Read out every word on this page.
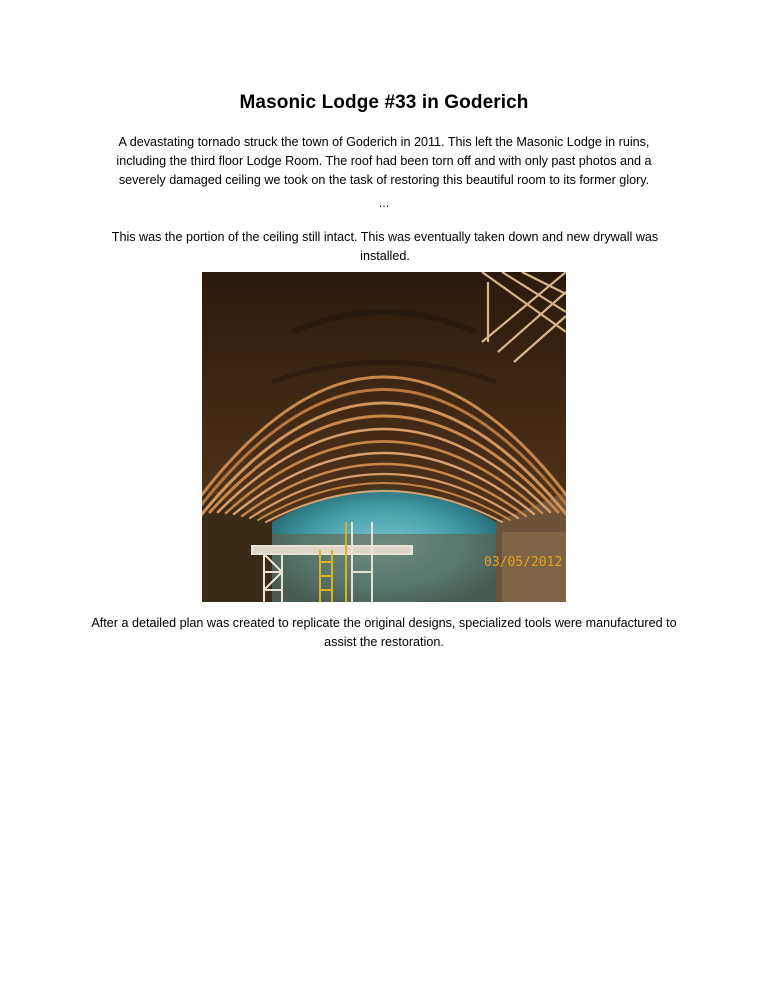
Masonic Lodge #33 in Goderich
A devastating tornado struck the town of Goderich in 2011. This left the Masonic Lodge in ruins, including the third floor Lodge Room. The roof had been torn off and with only past photos and a severely damaged ceiling we took on the task of restoring this beautiful room to its former glory.
…
This was the portion of the ceiling still intact. This was eventually taken down and new drywall was installed.
03/05/2012
After a detailed plan was created to replicate the original designs, specialized tools were manufactured to assist the restoration.
